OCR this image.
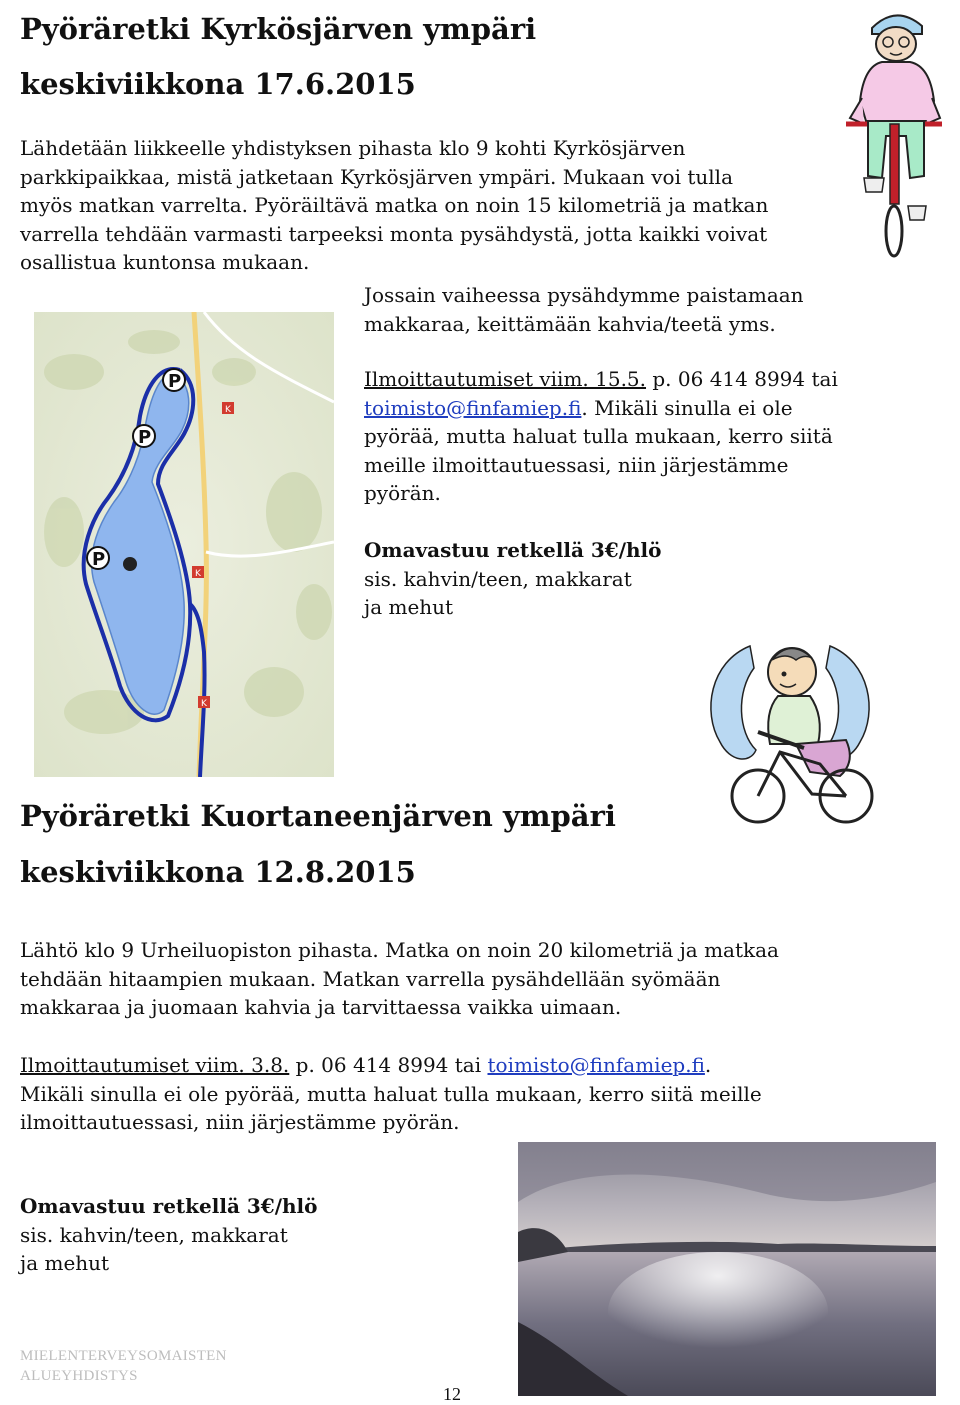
Pyöräretki Kyrkösjärven ympäri
keskiviikkona 17.6.2015
Lähdetään liikkeelle yhdistyksen pihasta klo 9 kohti Kyrkösjärven
parkkipaikkaa, mistä jatketaan Kyrkösjärven ympäri. Mukaan voi tulla
myös matkan varrelta. Pyöräiltävä matka on noin 15 kilometriä ja matkan
varrella tehdään varmasti tarpeeksi monta pysähdystä, jotta kaikki voivat
osallistua kuntonsa mukaan.
P
P
P
K
K
K
Jossain vaiheessa pysähdymme paistamaan
makkaraa, keittämään kahvia/teetä yms.
Ilmoittautumiset viim. 15.5. p. 06 414 8994 tai
toimisto@finfamiep.fi. Mikäli sinulla ei ole
pyörää, mutta haluat tulla mukaan, kerro siitä
meille ilmoittautuessasi, niin järjestämme
pyörän.
Omavastuu retkellä 3€/hlö
sis. kahvin/teen, makkarat
ja mehut
Pyöräretki Kuortaneenjärven ympäri
keskiviikkona 12.8.2015
Lähtö klo 9 Urheiluopiston pihasta. Matka on noin 20 kilometriä ja matkaa
tehdään hitaampien mukaan. Matkan varrella pysähdellään syömään
makkaraa ja juomaan kahvia ja tarvittaessa vaikka uimaan.
Ilmoittautumiset viim. 3.8. p. 06 414 8994 tai toimisto@finfamiep.fi.
Mikäli sinulla ei ole pyörää, mutta haluat tulla mukaan, kerro siitä meille
ilmoittautuessasi, niin järjestämme pyörän.
Omavastuu retkellä 3€/hlö
sis. kahvin/teen, makkarat
ja mehut
MIELENTERVEYSOMAISTEN
ALUEYHDISTYS
12
